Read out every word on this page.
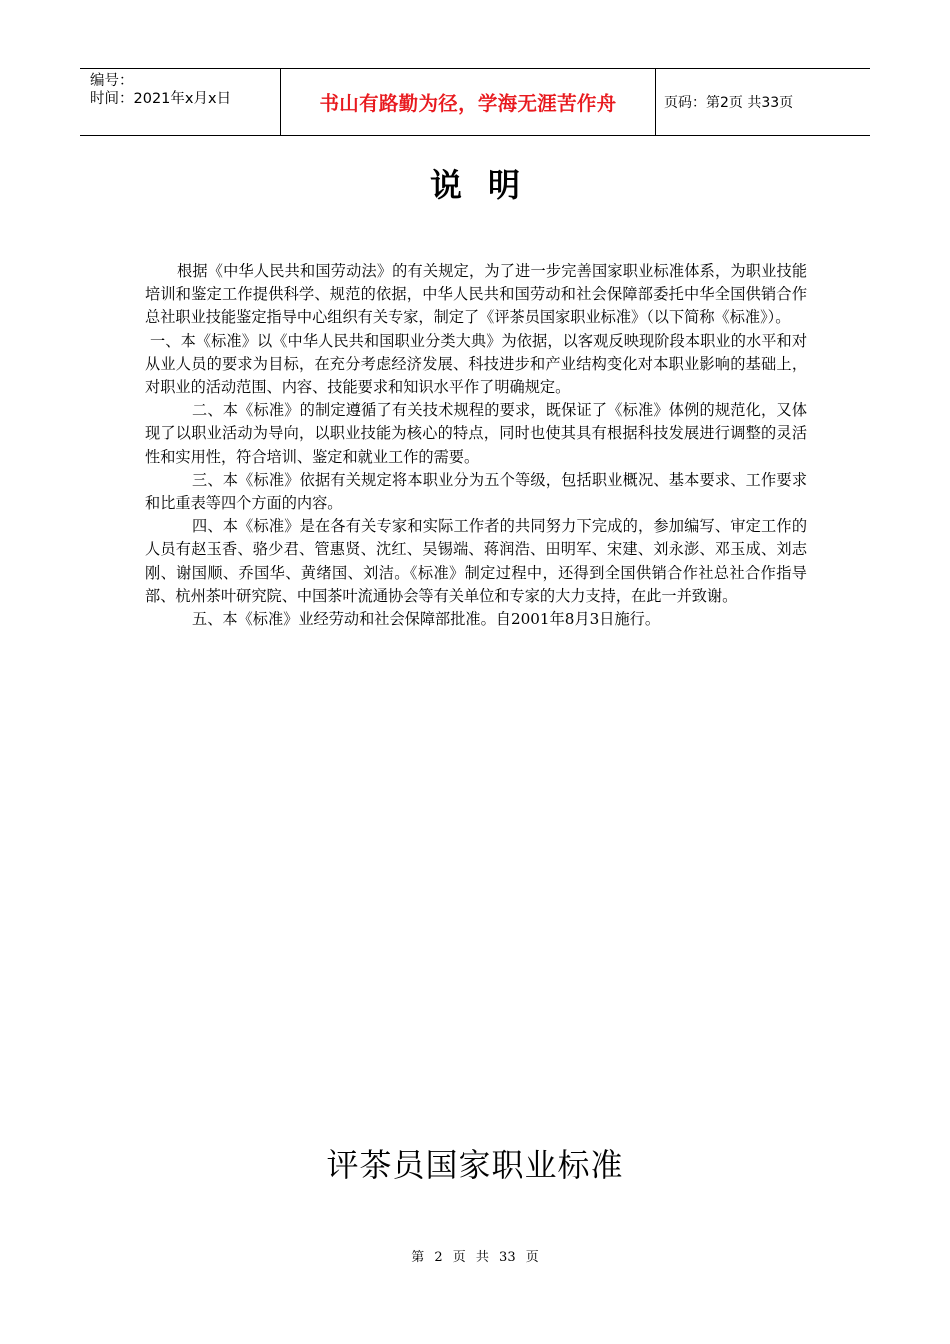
编号：
时间：2021年x月x日	书山有路勤为径，学海无涯苦作舟	页码：第2页 共33页
说明

根据《中华人民共和国劳动法》的有关规定，为了进一步完善国家职业标准体系，为职业技能培训和鉴定工作提供科学、规范的依据，中华人民共和国劳动和社会保障部委托中华全国供销合作总社职业技能鉴定指导中心组织有关专家，制定了《评茶员国家职业标准》（以下简称《标准》）。

一、本《标准》以《中华人民共和国职业分类大典》为依据，以客观反映现阶段本职业的水平和对从业人员的要求为目标，在充分考虑经济发展、科技进步和产业结构变化对本职业影响的基础上，对职业的活动范围、内容、技能要求和知识水平作了明确规定。

二、本《标准》的制定遵循了有关技术规程的要求，既保证了《标准》体例的规范化，又体现了以职业活动为导向，以职业技能为核心的特点，同时也使其具有根据科技发展进行调整的灵活性和实用性，符合培训、鉴定和就业工作的需要。

三、本《标准》依据有关规定将本职业分为五个等级，包括职业概况、基本要求、工作要求和比重表等四个方面的内容。

四、本《标准》是在各有关专家和实际工作者的共同努力下完成的，参加编写、审定工作的人员有赵玉香、骆少君、管惠贤、沈红、吴锡端、蒋润浩、田明军、宋建、刘永澎、邓玉成、刘志刚、谢国顺、乔国华、黄绪国、刘洁。《标准》制定过程中，还得到全国供销合作社总社合作指导部、杭州茶叶研究院、中国茶叶流通协会等有关单位和专家的大力支持，在此一并致谢。

五、本《标准》业经劳动和社会保障部批准。自2001年8月3日施行。

评茶员国家职业标准
第 2 页 共 33 页
